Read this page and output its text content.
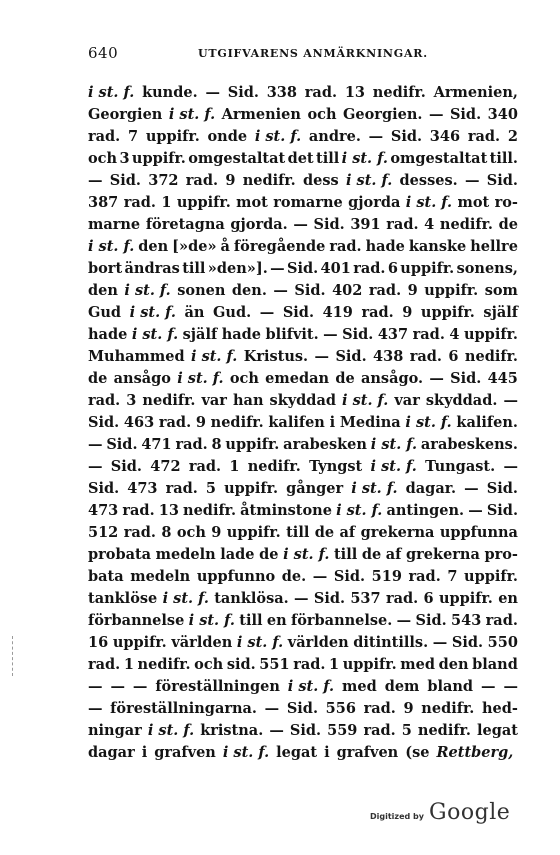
640	UTGIFVARENS ANMÄRKNINGAR.
i st. f. kunde. — Sid. 338 rad. 13 nedifr. Armenien,
Georgien i st. f. Armenien och Georgien. — Sid. 340
rad. 7 uppifr. onde i st. f. andre. — Sid. 346 rad. 2
och 3 uppifr. omgestaltat det till i st. f. omgestaltat till.
— Sid. 372 rad. 9 nedifr. dess i st. f. desses. — Sid.
387 rad. 1 uppifr. mot romarne gjorda i st. f. mot ro-
marne företagna gjorda. — Sid. 391 rad. 4 nedifr. de
i st. f. den [»de» å föregående rad. hade kanske hellre
bort ändras till »den»]. — Sid. 401 rad. 6 uppifr. sonens,
den i st. f. sonen den. — Sid. 402 rad. 9 uppifr. som
Gud i st. f. än Gud. — Sid. 419 rad. 9 uppifr. själf
hade i st. f. själf hade blifvit. — Sid. 437 rad. 4 uppifr.
Muhammed i st. f. Kristus. — Sid. 438 rad. 6 nedifr.
de ansågo i st. f. och emedan de ansågo. — Sid. 445
rad. 3 nedifr. var han skyddad i st. f. var skyddad. —
Sid. 463 rad. 9 nedifr. kalifen i Medina i st. f. kalifen.
— Sid. 471 rad. 8 uppifr. arabesken i st. f. arabeskens.
— Sid. 472 rad. 1 nedifr. Tyngst i st. f. Tungast. —
Sid. 473 rad. 5 uppifr. gånger i st. f. dagar. — Sid.
473 rad. 13 nedifr. åtminstone i st. f. antingen. — Sid.
512 rad. 8 och 9 uppifr. till de af grekerna uppfunna
probata medeln lade de i st. f. till de af grekerna pro-
bata medeln uppfunno de. — Sid. 519 rad. 7 uppifr.
tanklöse i st. f. tanklösa. — Sid. 537 rad. 6 uppifr. en
förbannelse i st. f. till en förbannelse. — Sid. 543 rad.
16 uppifr. världen i st. f. världen ditintills. — Sid. 550
rad. 1 nedifr. och sid. 551 rad. 1 uppifr. med den bland
— — — föreställningen i st. f. med dem bland — —
— föreställningarna. — Sid. 556 rad. 9 nedifr. hed-
ningar i st. f. kristna. — Sid. 559 rad. 5 nedifr. legat
dagar i grafven i st. f. legat i grafven (se Rettberg,
Digitized by Google
